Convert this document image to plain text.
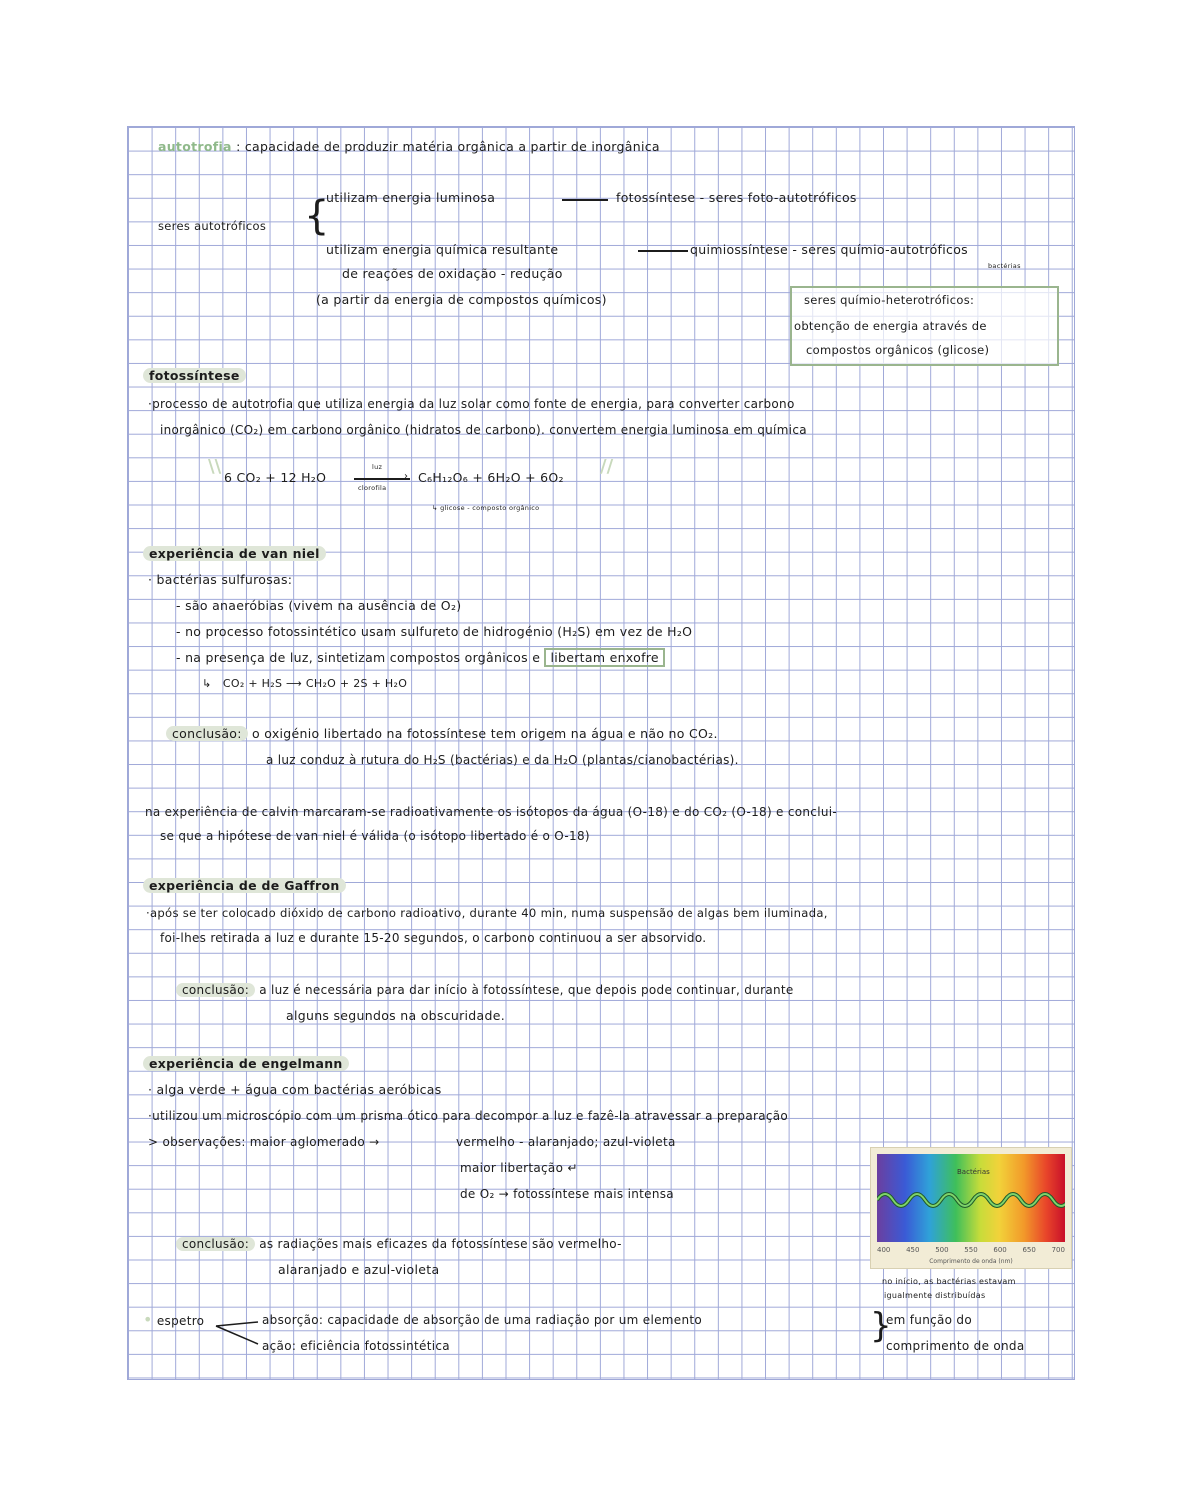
autotrofia : capacidade de produzir matéria orgânica a partir de inorgânica
seres autotróficos {
utilizam energia luminosa	fotossíntese - seres foto-autotróficos
utilizam energia química resultante	quimiossíntese - seres químio-autotróficos
bactérias
de reações de oxidação - redução
(a partir da energia de compostos químicos)	seres químio-heterotróficos:
obtenção de energia através de
compostos orgânicos (glicose)
fotossíntese
·processo de autotrofia que utiliza energia da luz solar como fonte de energia, para converter carbono
inorgânico (CO₂) em carbono orgânico (hidratos de carbono). convertem energia luminosa em química
\\
6 CO₂ + 12 H₂O
luz
›
clorofila
C₆H₁₂O₆ + 6H₂O + 6O₂
//
↳ glicose - composto orgânico
experiência de van niel
· bactérias sulfurosas:
- são anaeróbias (vivem na ausência de O₂)
- no processo fotossintético usam sulfureto de hidrogénio (H₂S) em vez de H₂O
- na presença de luz, sintetizam compostos orgânicos e libertam enxofre
↳   CO₂ + H₂S ⟶ CH₂O + 2S + H₂O
conclusão: o oxigénio libertado na fotossíntese tem origem na água e não no CO₂.
a luz conduz à rutura do H₂S (bactérias) e da H₂O (plantas/cianobactérias).
na experiência de calvin marcaram-se radioativamente os isótopos da água (O-18) e do CO₂ (O-18) e conclui-
se que a hipótese de van niel é válida (o isótopo libertado é o O-18)
experiência de de Gaffron
·após se ter colocado dióxido de carbono radioativo, durante 40 min, numa suspensão de algas bem iluminada,
foi-lhes retirada a luz e durante 15-20 segundos, o carbono continuou a ser absorvido.
conclusão: a luz é necessária para dar início à fotossíntese, que depois pode continuar, durante
alguns segundos na obscuridade.
experiência de engelmann
· alga verde + água com bactérias aeróbicas
·utilizou um microscópio com um prisma ótico para decompor a luz e fazê-la atravessar a preparação
> observações: maior aglomerado →	vermelho - alaranjado; azul-violeta
maior libertação ↵
de O₂ → fotossíntese mais intensa
Bactérias
400 450 500 550 600 650 700
Comprimento de onda (nm)
no início, as bactérias estavam
igualmente distribuídas
conclusão: as radiações mais eficazes da fotossíntese são vermelho-
alaranjado e azul-violeta
• espetro	absorção: capacidade de absorção de uma radiação por um elemento
ação: eficiência fotossintética	}
em função do
comprimento de onda
